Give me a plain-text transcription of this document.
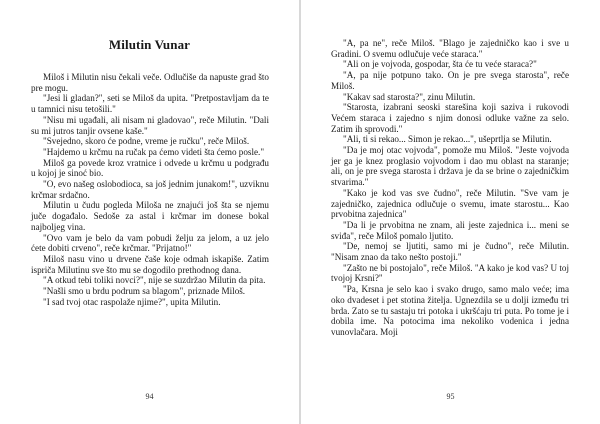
Milutin Vunar

Miloš i Milutin nisu čekali veče. Odlučiše da napuste grad što pre mogu.

"Jesi li gladan?", seti se Miloš da upita. "Pretpostavljam da te u tamnici nisu tetošili."

"Nisu mi ugađali, ali nisam ni gladovao", reče Milutin. "Dali su mi jutros tanjir ovsene kaše."

"Svejedno, skoro će podne, vreme je ručku", reče Miloš.

"Hajdemo u krčmu na ručak pa ćemo videti šta ćemo posle."

Miloš ga povede kroz vratnice i odvede u krčmu u podgrađu u kojoj je sinoć bio.

"O, evo našeg oslobodioca, sa još jednim junakom!", uzviknu krčmar srdačno.

Milutin u čudu pogleda Miloša ne znajući još šta se njemu juče događalo. Sedoše za astal i krčmar im donese bokal najboljeg vina.

"Ovo vam je belo da vam pobudi želju za jelom, a uz jelo ćete dobiti crveno", reče krčmar. "Prijatno!"

Miloš nasu vino u drvene čaše koje odmah iskapiše. Zatim ispriča Milutinu sve što mu se dogodilo prethodnog dana.

"A otkud tebi toliki novci?", nije se suzdržao Milutin da pita.

"Našli smo u brdu podrum sa blagom", priznade Miloš.

"I sad tvoj otac raspolaže njime?", upita Milutin.

94

"A, pa ne", reče Miloš. "Blago je zajedničko kao i sve u Gradini. O svemu odlučuje veće staraca."

"Ali on je vojvoda, gospodar, šta će tu veće staraca?"

"A, pa nije potpuno tako. On je pre svega starosta", reče Miloš.

"Kakav sad starosta?", zinu Milutin.

"Starosta, izabrani seoski starešina koji saziva i rukovodi Većem staraca i zajedno s njim donosi odluke važne za selo. Zatim ih sprovodi."

"Ali, ti si rekao... Simon je rekao...", ušeprtlja se Milutin.

"Da je moj otac vojvoda", pomože mu Miloš. "Jeste vojvoda jer ga je knez proglasio vojvodom i dao mu oblast na staranje; ali, on je pre svega starosta i država je da se brine o zajedničkim stvarima."

"Kako je kod vas sve čudno", reče Milutin. "Sve vam je zajedničko, zajednica odlučuje o svemu, imate starostu... Kao prvobitna zajednica"

"Da li je prvobitna ne znam, ali jeste zajednica i... meni se sviđa", reče Miloš pomalo ljutito.

"De, nemoj se ljutiti, samo mi je čudno", reče Milutin. "Nisam znao da tako nešto postoji."

"Zašto ne bi postojalo", reče Miloš. "A kako je kod vas? U toj tvojoj Krsni?"

"Pa, Krsna je selo kao i svako drugo, samo malo veće; ima oko dvadeset i pet stotina žitelja. Ugnezdila se u dolji između tri brda. Zato se tu sastaju tri potoka i ukršćaju tri puta. Po tome je i dobila ime. Na potocima ima nekoliko vodenica i jedna vunovlačara. Moji

95
